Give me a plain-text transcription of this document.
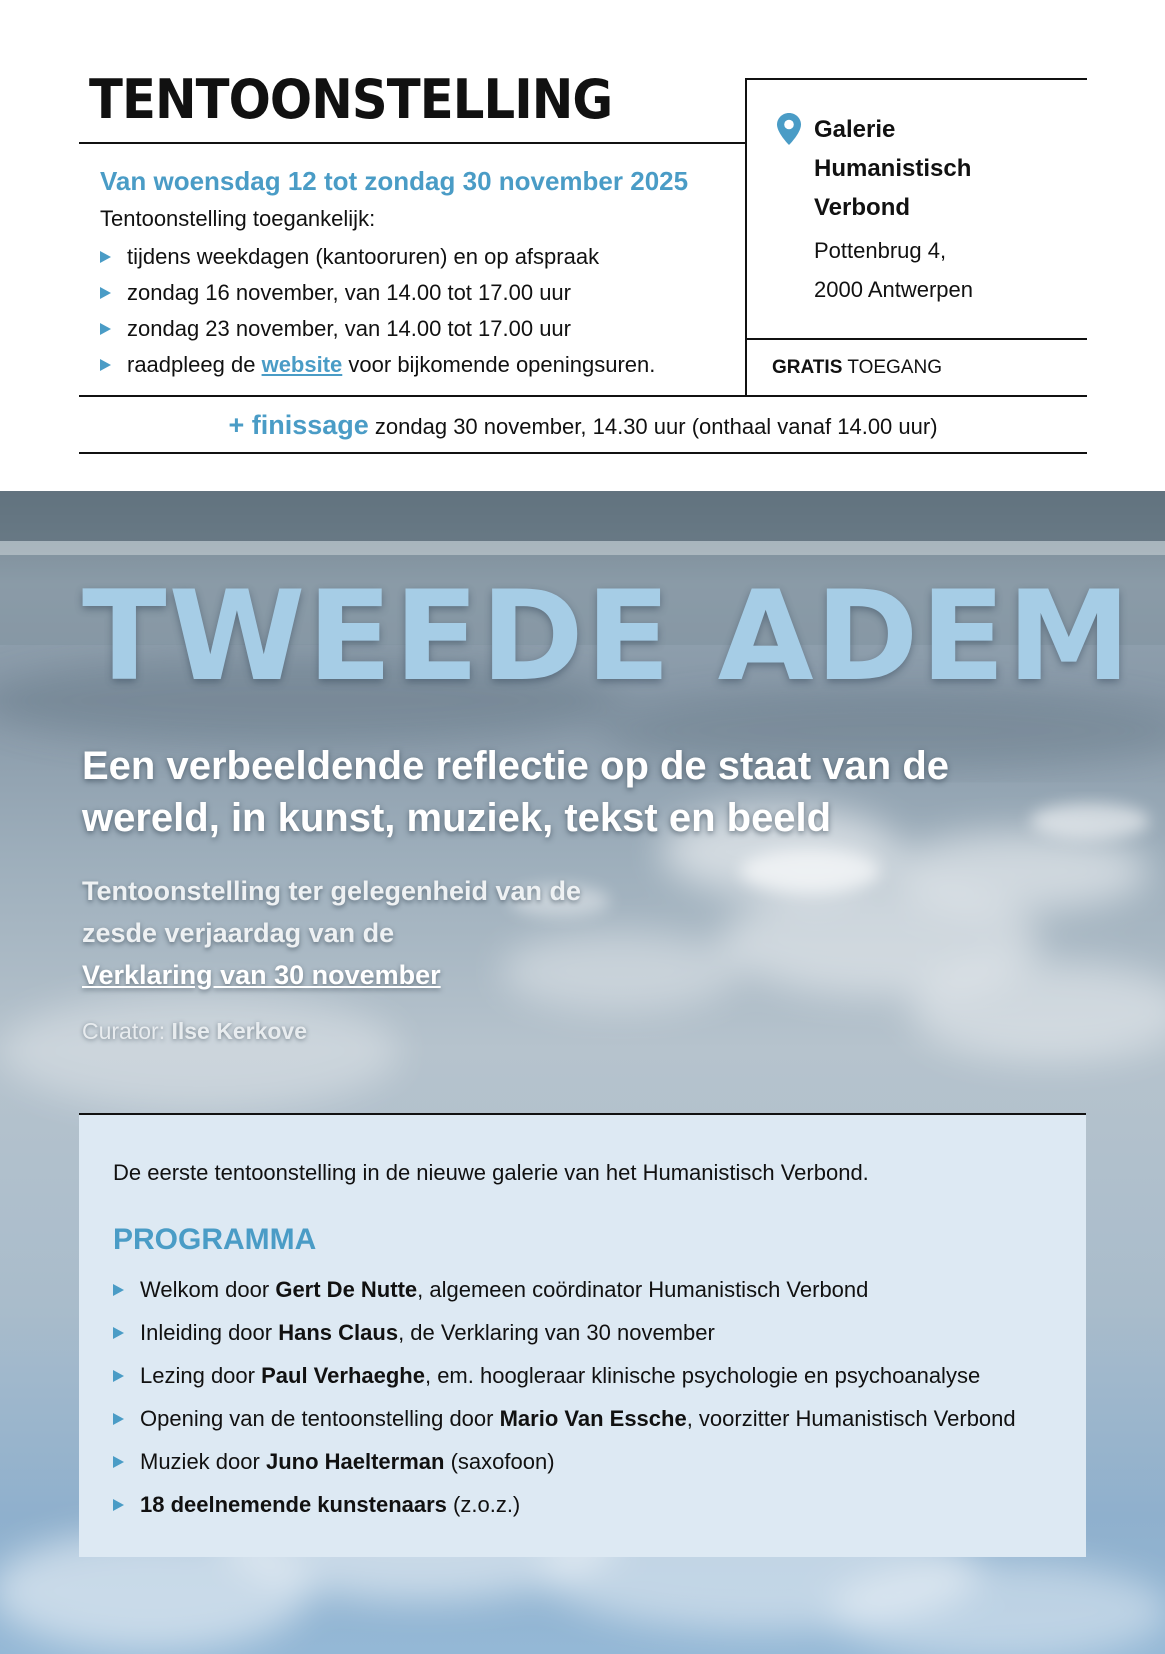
TENTOONSTELLING
Van woensdag 12 tot zondag 30 november 2025
Tentoonstelling toegankelijk:
tijdens weekdagen (kantooruren) en op afspraak
zondag 16 november, van 14.00 tot 17.00 uur
zondag 23 november, van 14.00 tot 17.00 uur
raadpleeg de
website
voor bijkomende openingsuren.
Galerie Humanistisch Verbond
Pottenbrug 4,
2000 Antwerpen
GRATIS TOEGANG
+ finissage zondag 30 november, 14.30 uur (onthaal vanaf 14.00 uur)
TWEEDE ADEM
Een verbeeldende reflectie op de staat van de wereld, in kunst, muziek, tekst en beeld
Tentoonstelling ter gelegenheid van de zesde verjaardag van de
Verklaring van 30 november
Curator: Ilse Kerkove
De eerste tentoonstelling in de nieuwe galerie van het Humanistisch Verbond.
PROGRAMMA
Welkom door
Gert De Nutte , algemeen coördinator Humanistisch Verbond
Inleiding door
Hans Claus , de Verklaring van 30 november
Lezing door
Paul Verhaeghe , em. hoogleraar klinische psychologie en psychoanalyse
Opening van de tentoonstelling door
Mario Van Essche , voorzitter Humanistisch Verbond
Muziek door
Juno Haelterman (saxofoon)
18 deelnemende kunstenaars (z.o.z.)
